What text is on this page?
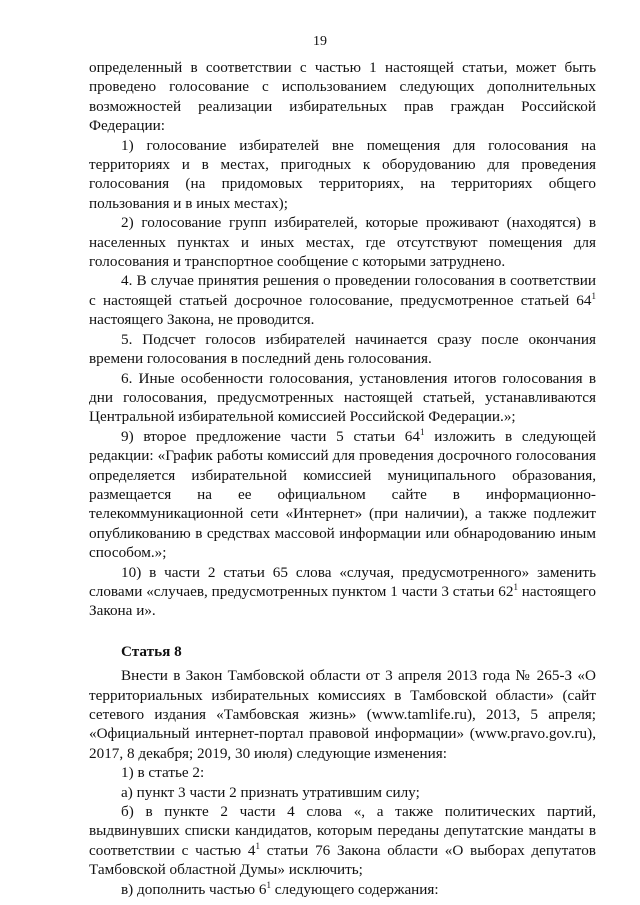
19

определенный в соответствии с частью 1 настоящей статьи, может быть проведено голосование с использованием следующих дополнительных возможностей реализации избирательных прав граждан Российской Федерации:

1) голосование избирателей вне помещения для голосования на территориях и в местах, пригодных к оборудованию для проведения голосования (на придомовых территориях, на территориях общего пользования и в иных местах);

2) голосование групп избирателей, которые проживают (находятся) в населенных пунктах и иных местах, где отсутствуют помещения для голосования и транспортное сообщение с которыми затруднено.

4. В случае принятия решения о проведении голосования в соответствии с настоящей статьей досрочное голосование, предусмотренное статьей $64^1$ настоящего Закона, не проводится.

5. Подсчет голосов избирателей начинается сразу после окончания времени голосования в последний день голосования.

6. Иные особенности голосования, установления итогов голосования в дни голосования, предусмотренных настоящей статьей, устанавливаются Центральной избирательной комиссией Российской Федерации.»;

9) второе предложение части 5 статьи $64^1$ изложить в следующей редакции: «График работы комиссий для проведения досрочного голосования определяется избирательной комиссией муниципального образования, размещается на ее официальном сайте в информационно-телекоммуникационной сети «Интернет» (при наличии), а также подлежит опубликованию в средствах массовой информации или обнародованию иным способом.»;

10) в части 2 статьи 65 слова «случая, предусмотренного» заменить словами «случаев, предусмотренных пунктом 1 части 3 статьи $62^1$ настоящего Закона и».

Статья 8

Внести в Закон Тамбовской области от 3 апреля 2013 года № 265-З «О территориальных избирательных комиссиях в Тамбовской области» (сайт сетевого издания «Тамбовская жизнь» (www.tamlife.ru), 2013, 5 апреля; «Официальный интернет-портал правовой информации» (www.pravo.gov.ru), 2017, 8 декабря; 2019, 30 июля) следующие изменения:

1) в статье 2:

а) пункт 3 части 2 признать утратившим силу;

б) в пункте 2 части 4 слова «, а также политических партий, выдвинувших списки кандидатов, которым переданы депутатские мандаты в соответствии с частью $4^1$ статьи 76 Закона области «О выборах депутатов Тамбовской областной Думы» исключить;

в) дополнить частью $6^1$ следующего содержания:
